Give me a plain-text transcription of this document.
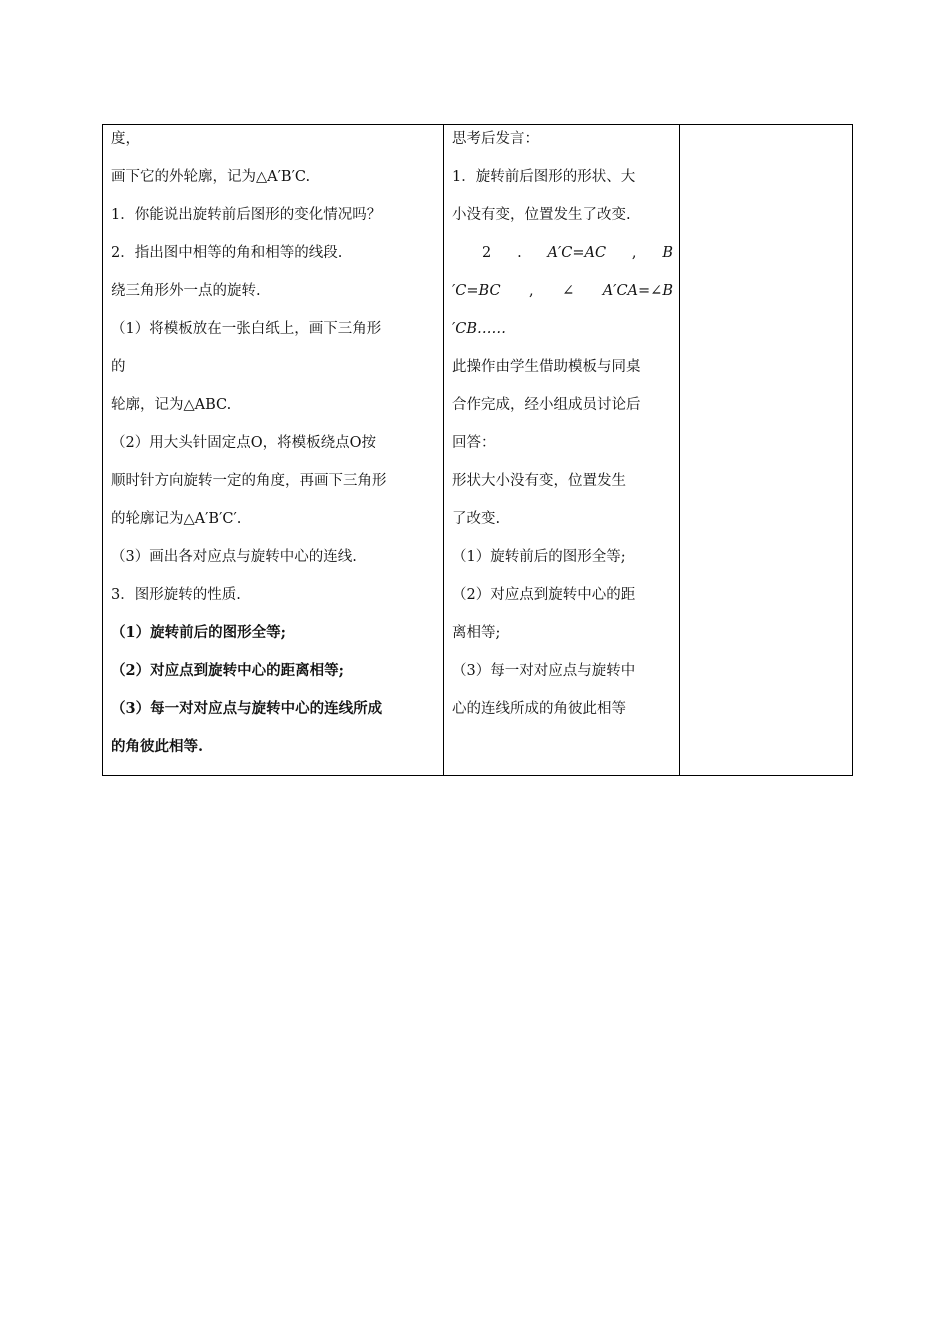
度，
画下它的外轮廓，记为△A′B′C.
1．你能说出旋转前后图形的变化情况吗？
2．指出图中相等的角和相等的线段.
绕三角形外一点的旋转.
（1）将模板放在一张白纸上，画下三角形
的
轮廓，记为△ABC.
（2）用大头针固定点O，将模板绕点O按
顺时针方向旋转一定的角度，再画下三角形
的轮廓记为△A′B′C′.
（3）画出各对应点与旋转中心的连线.
3．图形旋转的性质.
（1）旋转前后的图形全等;
（2）对应点到旋转中心的距离相等;
（3）每一对对应点与旋转中心的连线所成
的角彼此相等.

思考后发言：
1．旋转前后图形的形状、大
小没有变，位置发生了改变.
2 . A′C=AC , B
′C=BC , ∠ A′CA=∠B
′CB……
此操作由学生借助模板与同桌
合作完成，经小组成员讨论后
回答：
形状大小没有变，位置发生
了改变.
（1）旋转前后的图形全等;
（2）对应点到旋转中心的距
离相等;
（3）每一对对应点与旋转中
心的连线所成的角彼此相等
